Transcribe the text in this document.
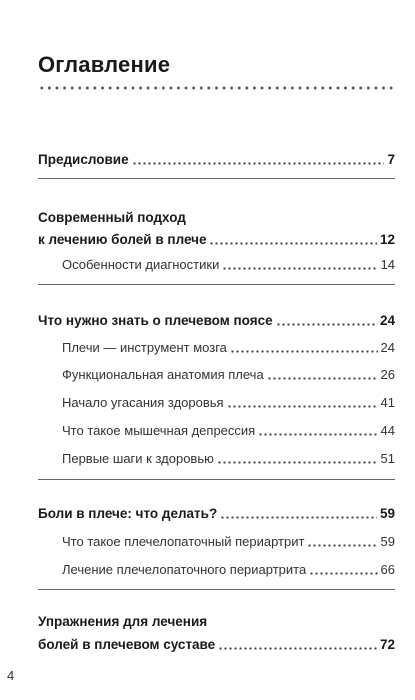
Оглавление
Предисловие	7
Современный подход
к лечению болей в плече	12
Особенности диагностики	14
Что нужно знать о плечевом поясе	24
Плечи — инструмент мозга	24
Функциональная анатомия плеча	26
Начало угасания здоровья	41
Что такое мышечная депрессия	44
Первые шаги к здоровью	51
Боли в плече: что делать?	59
Что такое плечелопаточный периартрит	59
Лечение плечелопаточного периартрита	66
Упражнения для лечения
болей в плечевом суставе	72
4
